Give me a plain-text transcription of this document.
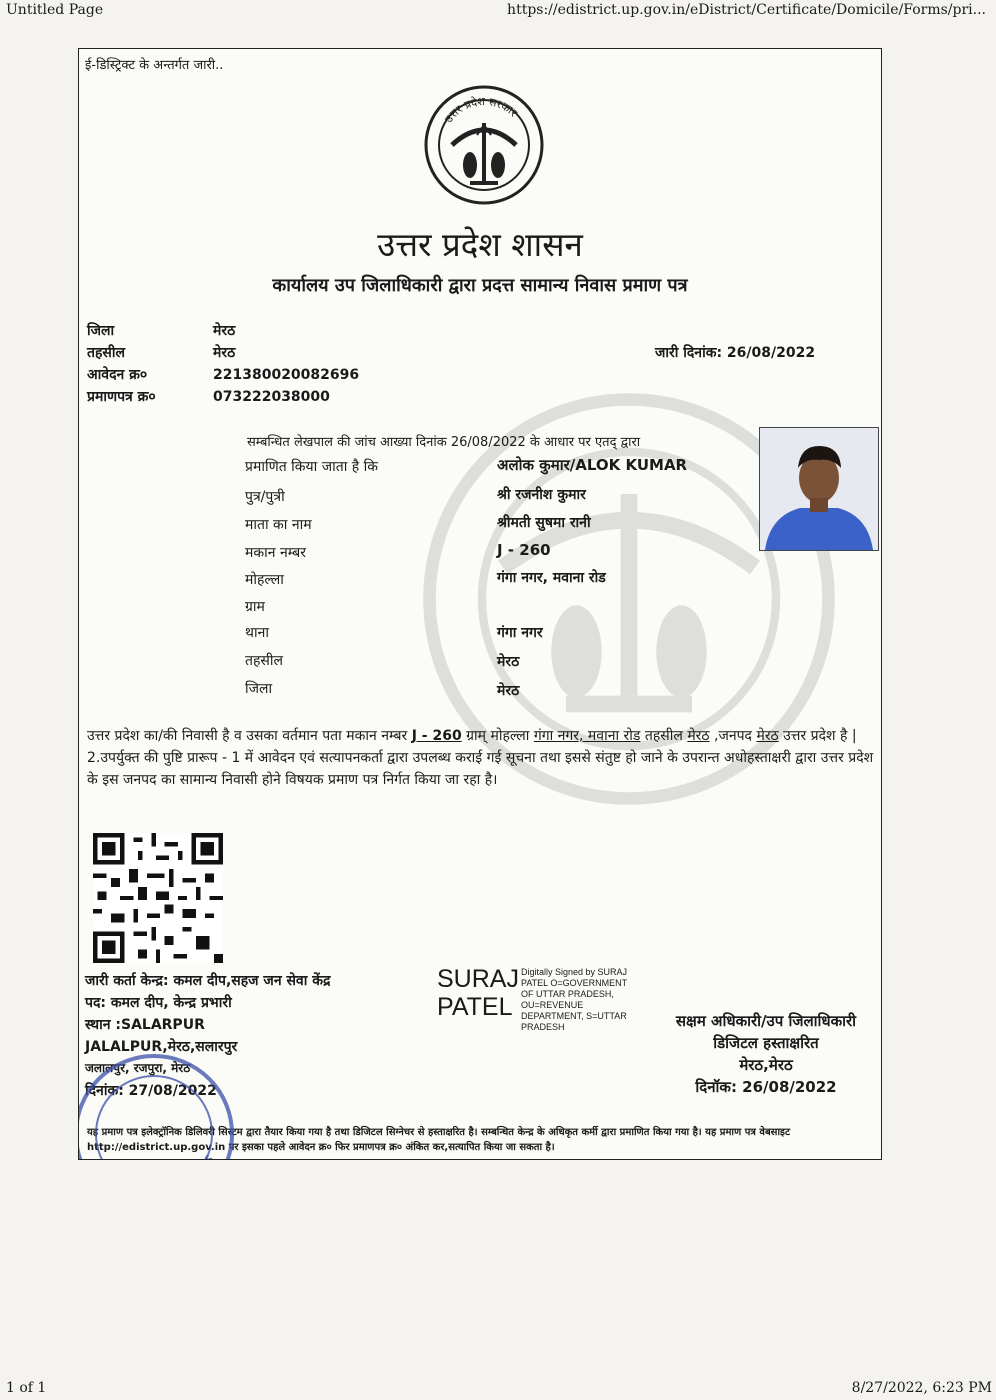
Untitled Page	https://edistrict.up.gov.in/eDistrict/Certificate/Domicile/Forms/pri...
ई-डिस्ट्रिक्ट के अन्तर्गत जारी..
उत्तर प्रदेश सरकार
उत्तर प्रदेश शासन
कार्यालय उप जिलाधिकारी द्वारा प्रदत्त सामान्य निवास प्रमाण पत्र
जिला	मेरठ
तहसील	मेरठ
आवेदन क्र०	221380020082696
प्रमाणपत्र क्र०	073222038000
जारी दिनांक: 26/08/2022
सम्बन्धित लेखपाल की जांच आख्या दिनांक 26/08/2022 के आधार पर एतद् द्वारा
प्रमाणित किया जाता है कि	अलोक कुमार/ALOK KUMAR
पुत्र/पुत्री	श्री रजनीश कुमार
माता का नाम	श्रीमती सुषमा रानी
मकान नम्बर	J - 260
मोहल्ला	गंगा नगर, मवाना रोड
ग्राम
थाना	गंगा नगर
तहसील	मेरठ
जिला	मेरठ
उत्तर प्रदेश का/की निवासी है व उसका वर्तमान पता मकान नम्बर J - 260 ग्राम् मोहल्ला गंगा नगर, मवाना रोड तहसील मेरठ ,जनपद मेरठ उत्तर प्रदेश है |
2.उपर्युक्त की पुष्टि प्रारूप - 1 में आवेदन एवं सत्यापनकर्ता द्वारा उपलब्ध कराई गई सूचना तथा इससे संतुष्ट हो जाने के उपरान्त अधोहस्ताक्षरी द्वारा उत्तर प्रदेश के इस जनपद का सामान्य निवासी होने विषयक प्रमाण पत्र निर्गत किया जा रहा है।
जारी कर्ता केन्द्र: कमल दीप,सहज जन सेवा केंद्र
पद: कमल दीप, केन्द्र प्रभारी
स्थान :SALARPUR
JALALPUR,मेरठ,सलारपुर
जलालपुर, रजपुरा, मेरठ
दिनांक: 27/08/2022
SURAJ
PATEL
Digitally Signed by SURAJ PATEL O=GOVERNMENT OF UTTAR PRADESH, OU=REVENUE DEPARTMENT, S=UTTAR PRADESH	सक्षम अधिकारी/उप जिलाधिकारी
डिजिटल हस्ताक्षरित
मेरठ,मेरठ
दिनॉक: 26/08/2022
यह प्रमाण पत्र इलेक्ट्रॉनिक डिलिवरी सिस्टम द्वारा तैयार किया गया है तथा डिजिटल सिग्नेचर से हस्ताक्षरित है। सम्बन्धित केन्द्र के अधिकृत कर्मी द्वारा प्रमाणित किया गया है। यह प्रमाण पत्र वेबसाइट http://edistrict.up.gov.in पर इसका पहले आवेदन क्र० फिर प्रमाणपत्र क्र० अंकित कर,सत्यापित किया जा सकता है।
जलालपुर तह० व जिला मेरठ
1 of 1	8/27/2022, 6:23 PM
